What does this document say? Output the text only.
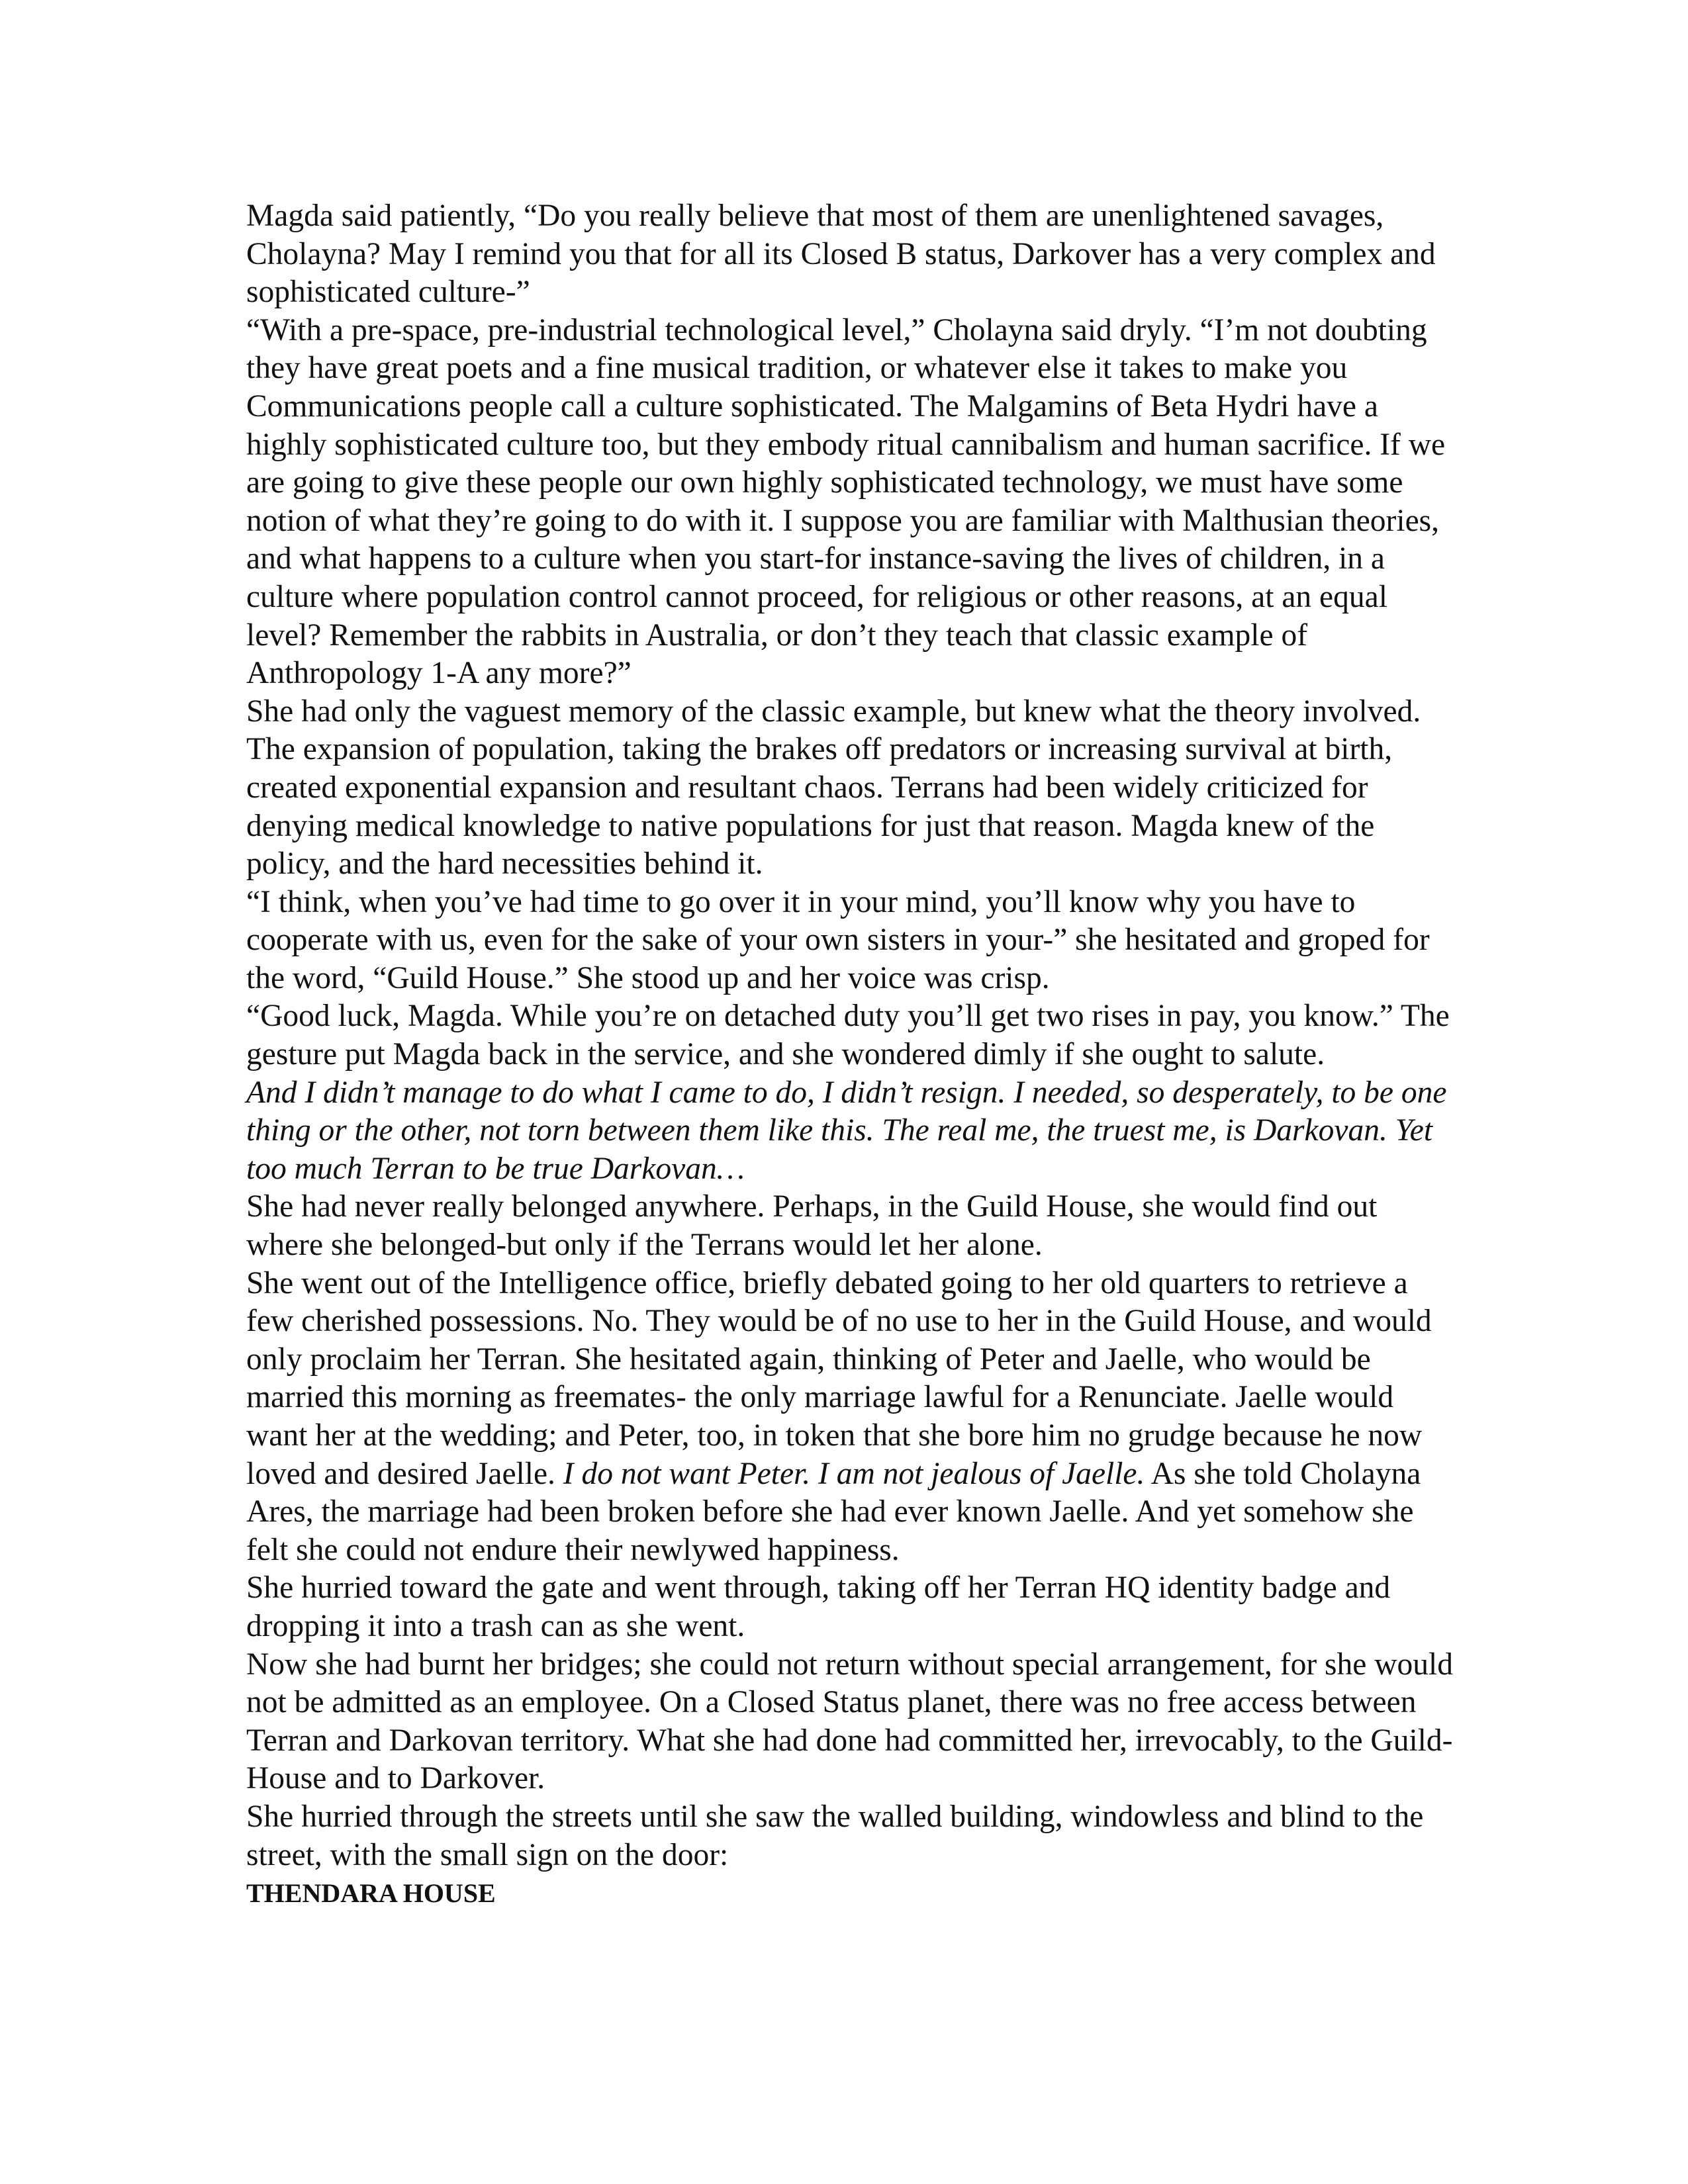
Magda said patiently, “Do you really believe that most of them are unenlightened savages, Cholayna? May I remind you that for all its Closed B status, Darkover has a very complex and sophisticated culture-”

“With a pre-space, pre-industrial technological level,” Cholayna said dryly. “I’m not doubting they have great poets and a fine musical tradition, or whatever else it takes to make you Communications people call a culture sophisticated. The Malgamins of Beta Hydri have a highly sophisticated culture too, but they embody ritual cannibalism and human sacrifice. If we are going to give these people our own highly sophisticated technology, we must have some notion of what they’re going to do with it. I suppose you are familiar with Malthusian theories, and what happens to a culture when you start-for instance-saving the lives of children, in a culture where population control cannot proceed, for religious or other reasons, at an equal level? Remember the rabbits in Australia, or don’t they teach that classic example of Anthropology 1-A any more?”

She had only the vaguest memory of the classic example, but knew what the theory involved. The expansion of population, taking the brakes off predators or increasing survival at birth, created exponential expansion and resultant chaos. Terrans had been widely criticized for denying medical knowledge to native populations for just that reason. Magda knew of the policy, and the hard necessities behind it.

“I think, when you’ve had time to go over it in your mind, you’ll know why you have to cooperate with us, even for the sake of your own sisters in your-” she hesitated and groped for the word, “Guild House.” She stood up and her voice was crisp.

“Good luck, Magda. While you’re on detached duty you’ll get two rises in pay, you know.” The gesture put Magda back in the service, and she wondered dimly if she ought to salute.

And I didn’t manage to do what I came to do, I didn’t resign. I needed, so desperately, to be one thing or the other, not torn between them like this. The real me, the truest me, is Darkovan. Yet too much Terran to be true Darkovan…

She had never really belonged anywhere. Perhaps, in the Guild House, she would find out where she belonged-but only if the Terrans would let her alone.

She went out of the Intelligence office, briefly debated going to her old quarters to retrieve a few cherished possessions. No. They would be of no use to her in the Guild House, and would only proclaim her Terran. She hesitated again, thinking of Peter and Jaelle, who would be married this morning as freemates- the only marriage lawful for a Renunciate. Jaelle would want her at the wedding; and Peter, too, in token that she bore him no grudge because he now loved and desired Jaelle. I do not want Peter. I am not jealous of Jaelle. As she told Cholayna Ares, the marriage had been broken before she had ever known Jaelle. And yet somehow she felt she could not endure their newlywed happiness.

She hurried toward the gate and went through, taking off her Terran HQ identity badge and dropping it into a trash can as she went.

Now she had burnt her bridges; she could not return without special arrangement, for she would not be admitted as an employee. On a Closed Status planet, there was no free access between Terran and Darkovan territory. What she had done had committed her, irrevocably, to the Guild-House and to Darkover.

She hurried through the streets until she saw the walled building, windowless and blind to the street, with the small sign on the door:

THENDARA HOUSE
